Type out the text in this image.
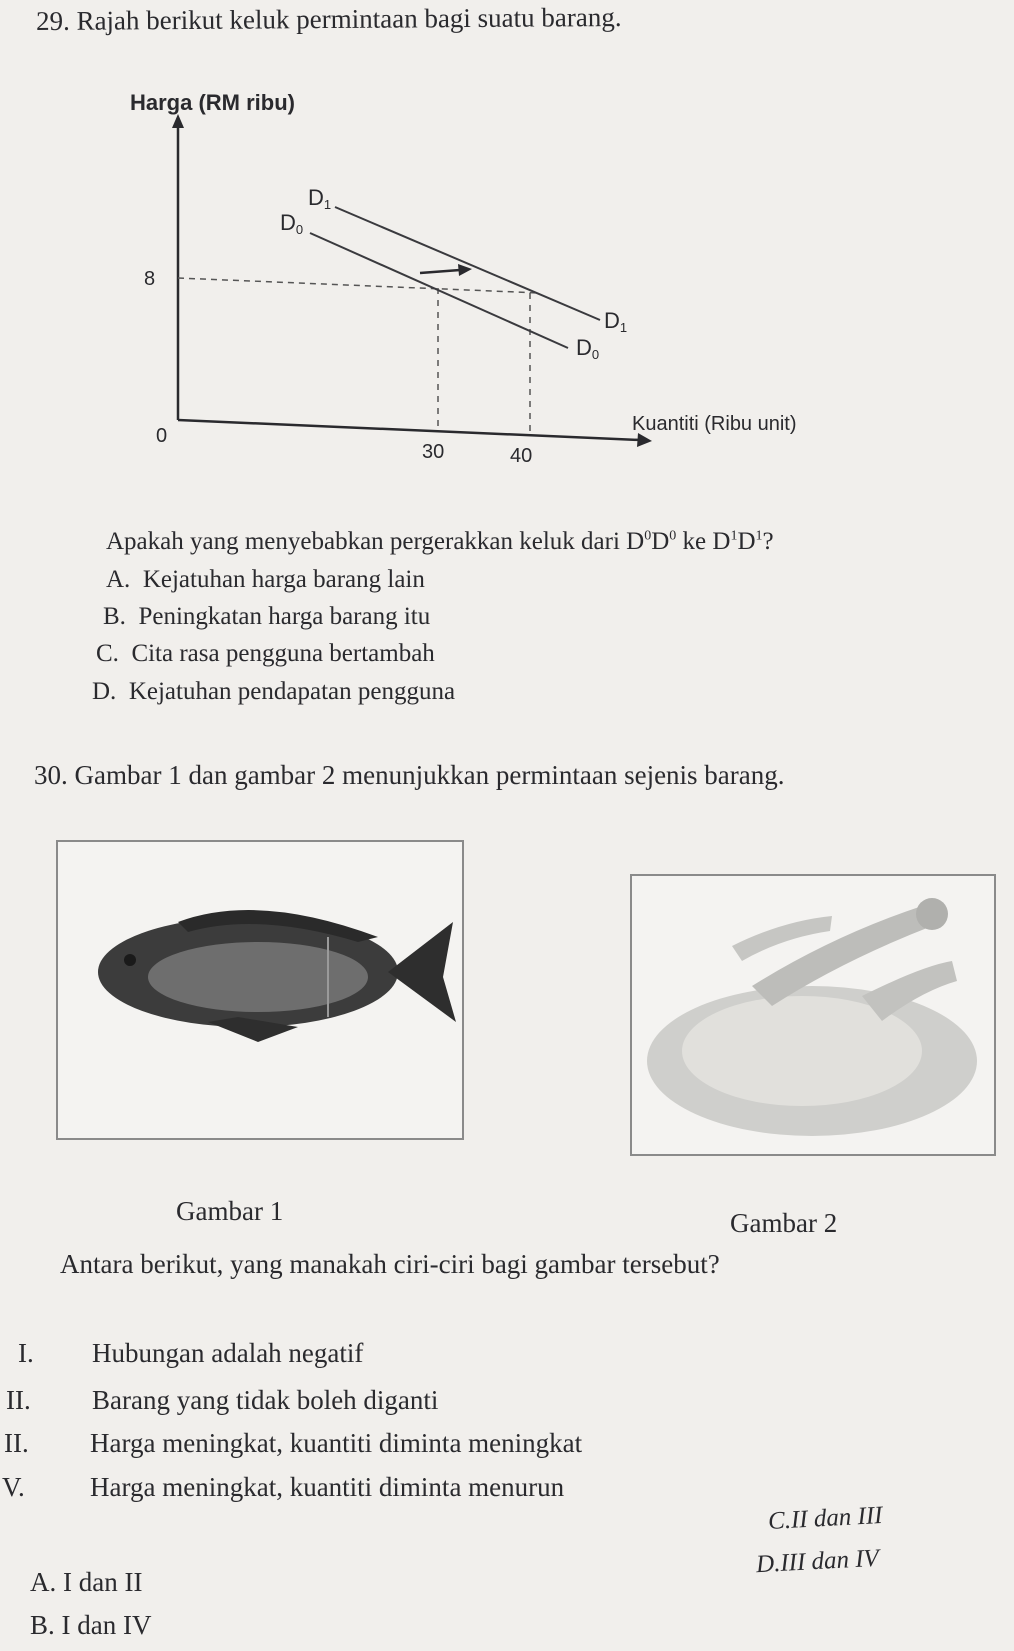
29. Rajah berikut keluk permintaan bagi suatu barang.
Harga (RM ribu)
0
8
30	40
Kuantiti (Ribu unit)
D1
D0
D1
D0
Apakah yang menyebabkan pergerakkan keluk dari $D^0D^0$ ke $D^1D^1$?
A. Kejatuhan harga barang lain
B. Peningkatan harga barang itu
C. Cita rasa pengguna bertambah
D. Kejatuhan pendapatan pengguna
30. Gambar 1 dan gambar 2 menunjukkan permintaan sejenis barang.
Gambar 1	Gambar 2
Antara berikut, yang manakah ciri-ciri bagi gambar tersebut?
I. Hubungan adalah negatif
II. Barang yang tidak boleh diganti
II. Harga meningkat, kuantiti diminta meningkat
V. Harga meningkat, kuantiti diminta menurun
C.II dan III
D.III dan IV
A. I dan II
B. I dan IV
